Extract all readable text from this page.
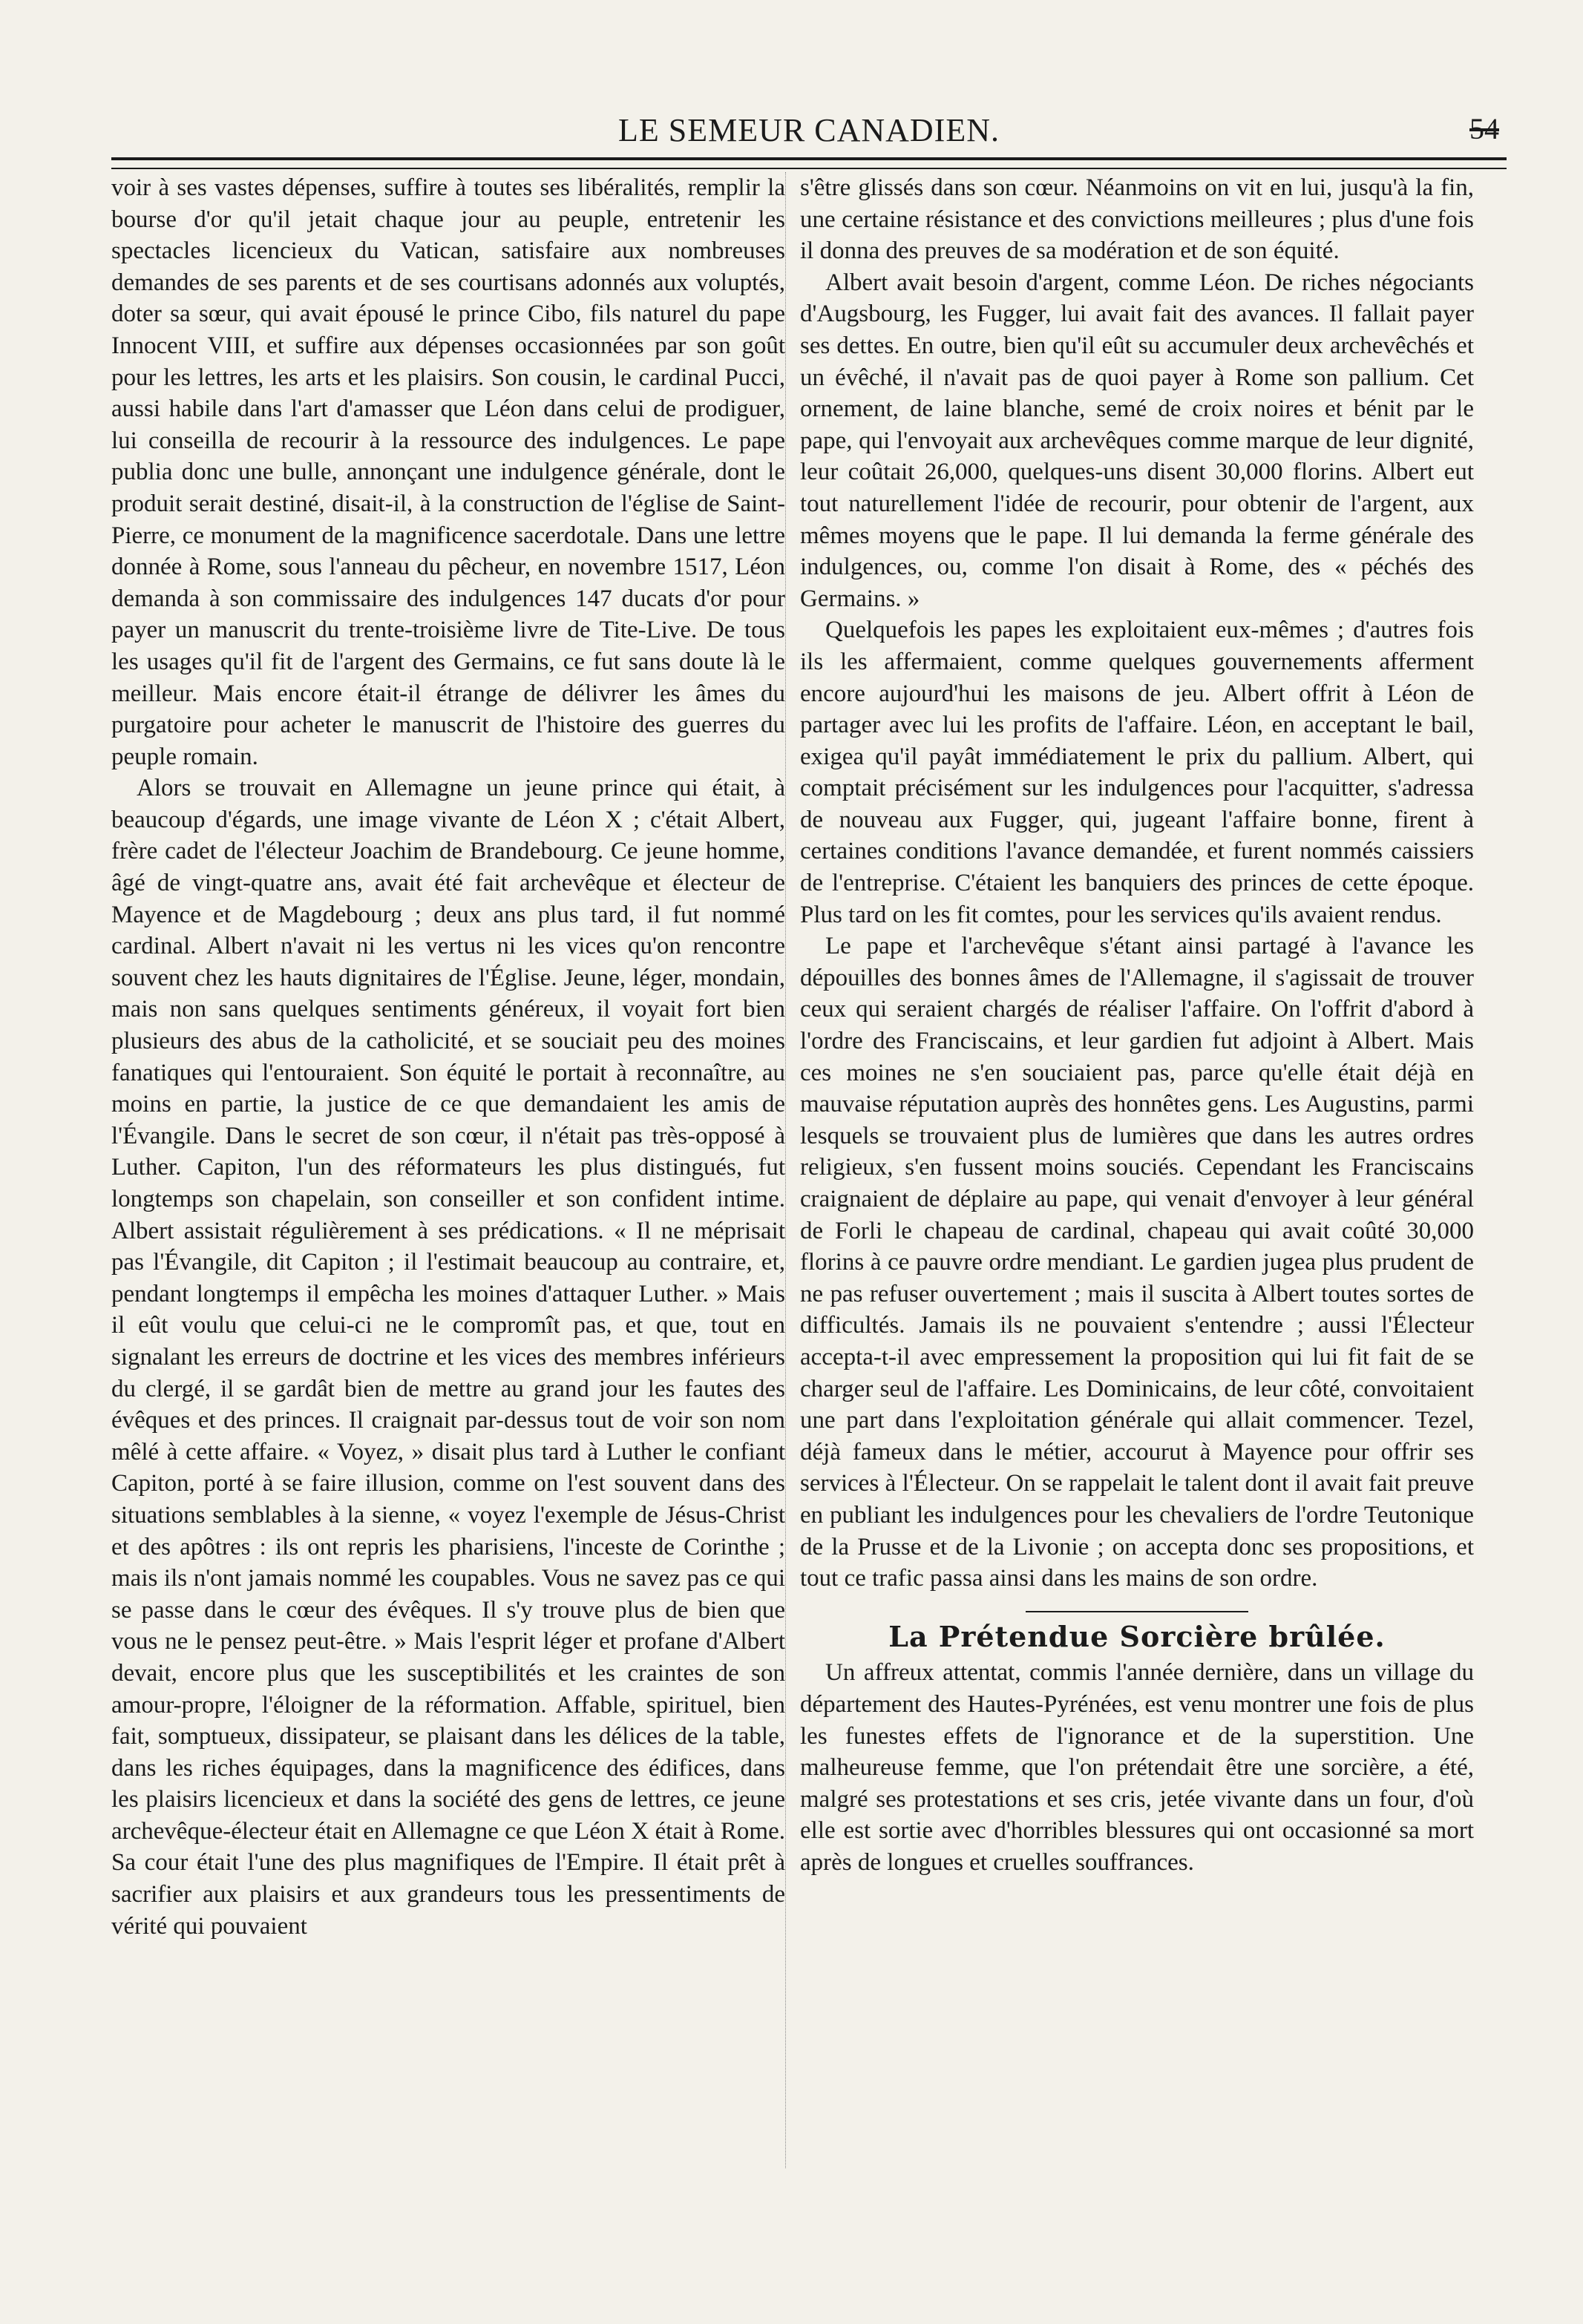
LE SEMEUR CANADIEN.	54

voir à ses vastes dépenses, suffire à toutes ses libéralités, remplir la bourse d'or qu'il jetait chaque jour au peuple, entretenir les spectacles licencieux du Vatican, satisfaire aux nombreuses demandes de ses parents et de ses courtisans adonnés aux voluptés, doter sa sœur, qui avait épousé le prince Cibo, fils naturel du pape Innocent VIII, et suffire aux dépenses occasionnées par son goût pour les lettres, les arts et les plaisirs. Son cousin, le cardinal Pucci, aussi habile dans l'art d'amasser que Léon dans celui de prodiguer, lui conseilla de recourir à la ressource des indulgences. Le pape publia donc une bulle, annonçant une indulgence générale, dont le produit serait destiné, disait-il, à la construction de l'église de Saint-Pierre, ce monument de la magnificence sacerdotale. Dans une lettre donnée à Rome, sous l'anneau du pêcheur, en novembre 1517, Léon demanda à son commissaire des indulgences 147 ducats d'or pour payer un manuscrit du trente-troisième livre de Tite-Live. De tous les usages qu'il fit de l'argent des Germains, ce fut sans doute là le meilleur. Mais encore était-il étrange de délivrer les âmes du purgatoire pour acheter le manuscrit de l'histoire des guerres du peuple romain.

Alors se trouvait en Allemagne un jeune prince qui était, à beaucoup d'égards, une image vivante de Léon X ; c'était Albert, frère cadet de l'électeur Joachim de Brandebourg. Ce jeune homme, âgé de vingt-quatre ans, avait été fait archevêque et électeur de Mayence et de Magdebourg ; deux ans plus tard, il fut nommé cardinal. Albert n'avait ni les vertus ni les vices qu'on rencontre souvent chez les hauts dignitaires de l'Église. Jeune, léger, mondain, mais non sans quelques sentiments généreux, il voyait fort bien plusieurs des abus de la catholicité, et se souciait peu des moines fanatiques qui l'entouraient. Son équité le portait à reconnaître, au moins en partie, la justice de ce que demandaient les amis de l'Évangile. Dans le secret de son cœur, il n'était pas très-opposé à Luther. Capiton, l'un des réformateurs les plus distingués, fut longtemps son chapelain, son conseiller et son confident intime. Albert assistait régulièrement à ses prédications. « Il ne méprisait pas l'Évangile, dit Capiton ; il l'estimait beaucoup au contraire, et, pendant longtemps il empêcha les moines d'attaquer Luther. » Mais il eût voulu que celui-ci ne le compromît pas, et que, tout en signalant les erreurs de doctrine et les vices des membres inférieurs du clergé, il se gardât bien de mettre au grand jour les fautes des évêques et des princes. Il craignait par-dessus tout de voir son nom mêlé à cette affaire. « Voyez, » disait plus tard à Luther le confiant Capiton, porté à se faire illusion, comme on l'est souvent dans des situations semblables à la sienne, « voyez l'exemple de Jésus-Christ et des apôtres : ils ont repris les pharisiens, l'inceste de Corinthe ; mais ils n'ont jamais nommé les coupables. Vous ne savez pas ce qui se passe dans le cœur des évêques. Il s'y trouve plus de bien que vous ne le pensez peut-être. » Mais l'esprit léger et profane d'Albert devait, encore plus que les susceptibilités et les craintes de son amour-propre, l'éloigner de la réformation. Affable, spirituel, bien fait, somptueux, dissipateur, se plaisant dans les délices de la table, dans les riches équipages, dans la magnificence des édifices, dans les plaisirs licencieux et dans la société des gens de lettres, ce jeune archevêque-électeur était en Allemagne ce que Léon X était à Rome. Sa cour était l'une des plus magnifiques de l'Empire. Il était prêt à sacrifier aux plaisirs et aux grandeurs tous les pressentiments de vérité qui pouvaient

s'être glissés dans son cœur. Néanmoins on vit en lui, jusqu'à la fin, une certaine résistance et des convictions meilleures ; plus d'une fois il donna des preuves de sa modération et de son équité.

Albert avait besoin d'argent, comme Léon. De riches négociants d'Augsbourg, les Fugger, lui avait fait des avances. Il fallait payer ses dettes. En outre, bien qu'il eût su accumuler deux archevêchés et un évêché, il n'avait pas de quoi payer à Rome son pallium. Cet ornement, de laine blanche, semé de croix noires et bénit par le pape, qui l'envoyait aux archevêques comme marque de leur dignité, leur coûtait 26,000, quelques-uns disent 30,000 florins. Albert eut tout naturellement l'idée de recourir, pour obtenir de l'argent, aux mêmes moyens que le pape. Il lui demanda la ferme générale des indulgences, ou, comme l'on disait à Rome, des « péchés des Germains. »

Quelquefois les papes les exploitaient eux-mêmes ; d'autres fois ils les affermaient, comme quelques gouvernements afferment encore aujourd'hui les maisons de jeu. Albert offrit à Léon de partager avec lui les profits de l'affaire. Léon, en acceptant le bail, exigea qu'il payât immédiatement le prix du pallium. Albert, qui comptait précisément sur les indulgences pour l'acquitter, s'adressa de nouveau aux Fugger, qui, jugeant l'affaire bonne, firent à certaines conditions l'avance demandée, et furent nommés caissiers de l'entreprise. C'étaient les banquiers des princes de cette époque. Plus tard on les fit comtes, pour les services qu'ils avaient rendus.

Le pape et l'archevêque s'étant ainsi partagé à l'avance les dépouilles des bonnes âmes de l'Allemagne, il s'agissait de trouver ceux qui seraient chargés de réaliser l'affaire. On l'offrit d'abord à l'ordre des Franciscains, et leur gardien fut adjoint à Albert. Mais ces moines ne s'en souciaient pas, parce qu'elle était déjà en mauvaise réputation auprès des honnêtes gens. Les Augustins, parmi lesquels se trouvaient plus de lumières que dans les autres ordres religieux, s'en fussent moins souciés. Cependant les Franciscains craignaient de déplaire au pape, qui venait d'envoyer à leur général de Forli le chapeau de cardinal, chapeau qui avait coûté 30,000 florins à ce pauvre ordre mendiant. Le gardien jugea plus prudent de ne pas refuser ouvertement ; mais il suscita à Albert toutes sortes de difficultés. Jamais ils ne pouvaient s'entendre ; aussi l'Électeur accepta-t-il avec empressement la proposition qui lui fit fait de se charger seul de l'affaire. Les Dominicains, de leur côté, convoitaient une part dans l'exploitation générale qui allait commencer. Tezel, déjà fameux dans le métier, accourut à Mayence pour offrir ses services à l'Électeur. On se rappelait le talent dont il avait fait preuve en publiant les indulgences pour les chevaliers de l'ordre Teutonique de la Prusse et de la Livonie ; on accepta donc ses propositions, et tout ce trafic passa ainsi dans les mains de son ordre.

La Prétendue Sorcière brûlée.

Un affreux attentat, commis l'année dernière, dans un village du département des Hautes-Pyrénées, est venu montrer une fois de plus les funestes effets de l'ignorance et de la superstition. Une malheureuse femme, que l'on prétendait être une sorcière, a été, malgré ses protestations et ses cris, jetée vivante dans un four, d'où elle est sortie avec d'horribles blessures qui ont occasionné sa mort après de longues et cruelles souffrances.
